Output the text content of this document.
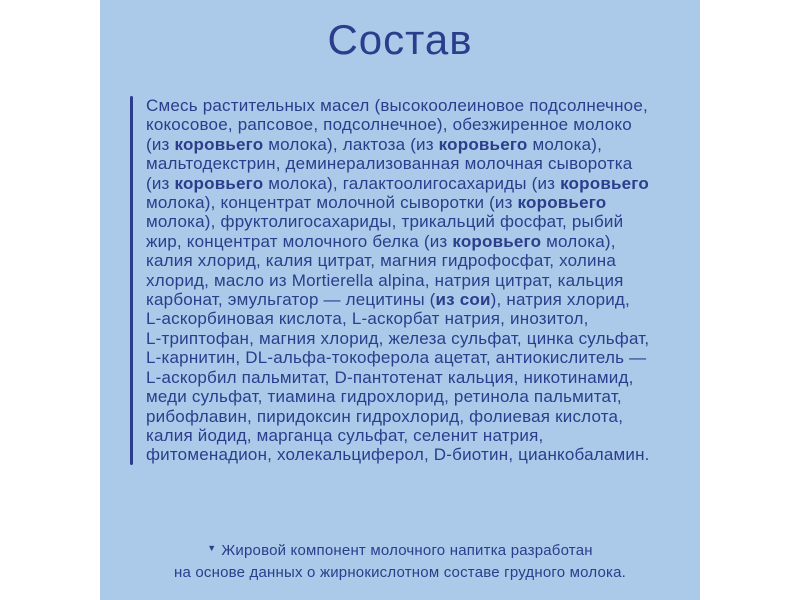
Состав
Смесь растительных масел (высокоолеиновое подсолнечное,
кокосовое, рапсовое, подсолнечное), обезжиренное молоко
(из коровьего молока), лактоза (из коровьего молока),
мальтодекстрин, деминерализованная молочная сыворотка
(из коровьего молока), галактоолигосахариды (из коровьего
молока), концентрат молочной сыворотки (из коровьего
молока), фруктолигосахариды, трикальций фосфат, рыбий
жир, концентрат молочного белка (из коровьего молока),
калия хлорид, калия цитрат, магния гидрофосфат, холина
хлорид, масло из Mortierella alpina, натрия цитрат, кальция
карбонат, эмульгатор — лецитины (из сои), натрия хлорид,
L-аскорбиновая кислота, L-аскорбат натрия, инозитол,
L-триптофан, магния хлорид, железа сульфат, цинка сульфат,
L-карнитин, DL-альфа-токоферола ацетат, антиокислитель —
L-аскорбил пальмитат, D-пантотенат кальция, никотинамид,
меди сульфат, тиамина гидрохлорид, ретинола пальмитат,
рибофлавин, пиридоксин гидрохлорид, фолиевая кислота,
калия йодид, марганца сульфат, селенит натрия,
фитоменадион, холекальциферол, D-биотин, цианкобаламин.
▼ Жировой компонент молочного напитка разработан
на основе данных о жирнокислотном составе грудного молока.
